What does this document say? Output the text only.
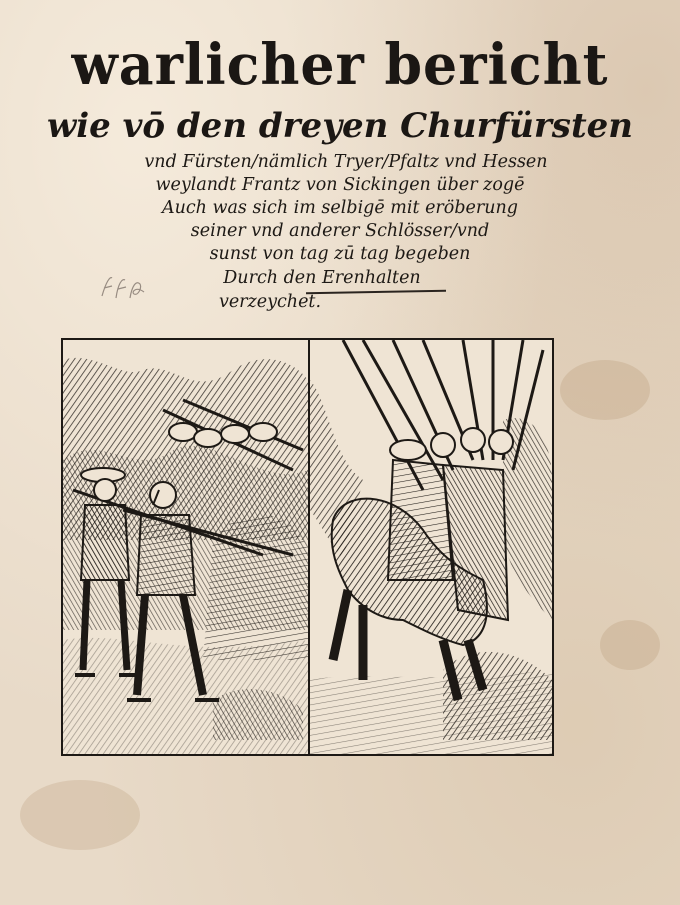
warlicher bericht
wie vō den dreyen Churfürsten
vnd Fürsten/nämlich Tryer/Pfaltz vnd Hessen
weylandt Frantz von Sickingen über zogē
Auch was sich im selbigē mit eröberung
seiner vnd anderer Schlösser/vnd
sunst von tag zū tag begeben
Durch den Erenhalten
verzeychet.
